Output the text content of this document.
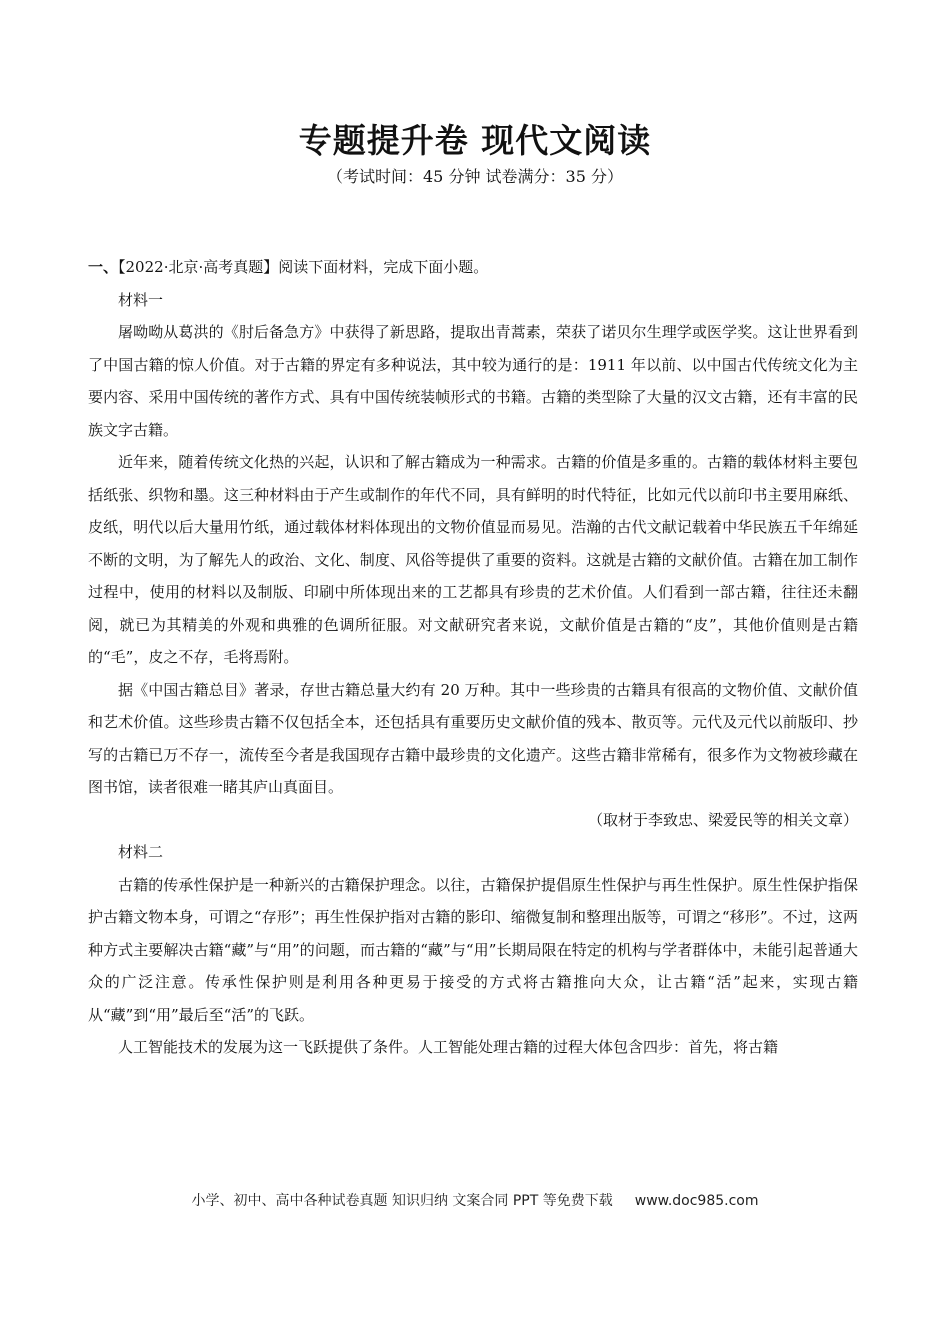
专题提升卷 现代文阅读
（考试时间：45 分钟 试卷满分：35 分）

一、【2022·北京·高考真题】阅读下面材料，完成下面小题。

材料一

屠呦呦从葛洪的《肘后备急方》中获得了新思路，提取出青蒿素，荣获了诺贝尔生理学或医学奖。这让世界看到了中国古籍的惊人价值。对于古籍的界定有多种说法，其中较为通行的是：1911 年以前、以中国古代传统文化为主要内容、采用中国传统的著作方式、具有中国传统装帧形式的书籍。古籍的类型除了大量的汉文古籍，还有丰富的民族文字古籍。

近年来，随着传统文化热的兴起，认识和了解古籍成为一种需求。古籍的价值是多重的。古籍的载体材料主要包括纸张、织物和墨。这三种材料由于产生或制作的年代不同，具有鲜明的时代特征，比如元代以前印书主要用麻纸、皮纸，明代以后大量用竹纸，通过载体材料体现出的文物价值显而易见。浩瀚的古代文献记载着中华民族五千年绵延不断的文明，为了解先人的政治、文化、制度、风俗等提供了重要的资料。这就是古籍的文献价值。古籍在加工制作过程中，使用的材料以及制版、印刷中所体现出来的工艺都具有珍贵的艺术价值。人们看到一部古籍，往往还未翻阅，就已为其精美的外观和典雅的色调所征服。对文献研究者来说，文献价值是古籍的“皮”，其他价值则是古籍的“毛”，皮之不存，毛将焉附。

据《中国古籍总目》著录，存世古籍总量大约有 20 万种。其中一些珍贵的古籍具有很高的文物价值、文献价值和艺术价值。这些珍贵古籍不仅包括全本，还包括具有重要历史文献价值的残本、散页等。元代及元代以前版印、抄写的古籍已万不存一，流传至今者是我国现存古籍中最珍贵的文化遗产。这些古籍非常稀有，很多作为文物被珍藏在图书馆，读者很难一睹其庐山真面目。

（取材于李致忠、梁爱民等的相关文章）

材料二

古籍的传承性保护是一种新兴的古籍保护理念。以往，古籍保护提倡原生性保护与再生性保护。原生性保护指保护古籍文物本身，可谓之“存形”；再生性保护指对古籍的影印、缩微复制和整理出版等，可谓之“移形”。不过，这两种方式主要解决古籍“藏”与“用”的问题，而古籍的“藏”与“用”长期局限在特定的机构与学者群体中，未能引起普通大众的广泛注意。传承性保护则是利用各种更易于接受的方式将古籍推向大众，让古籍“活”起来，实现古籍从“藏”到“用”最后至“活”的飞跃。

人工智能技术的发展为这一飞跃提供了条件。人工智能处理古籍的过程大体包含四步：首先，将古籍

小学、初中、高中各种试卷真题 知识归纳 文案合同 PPT 等免费下载 www.doc985.com
